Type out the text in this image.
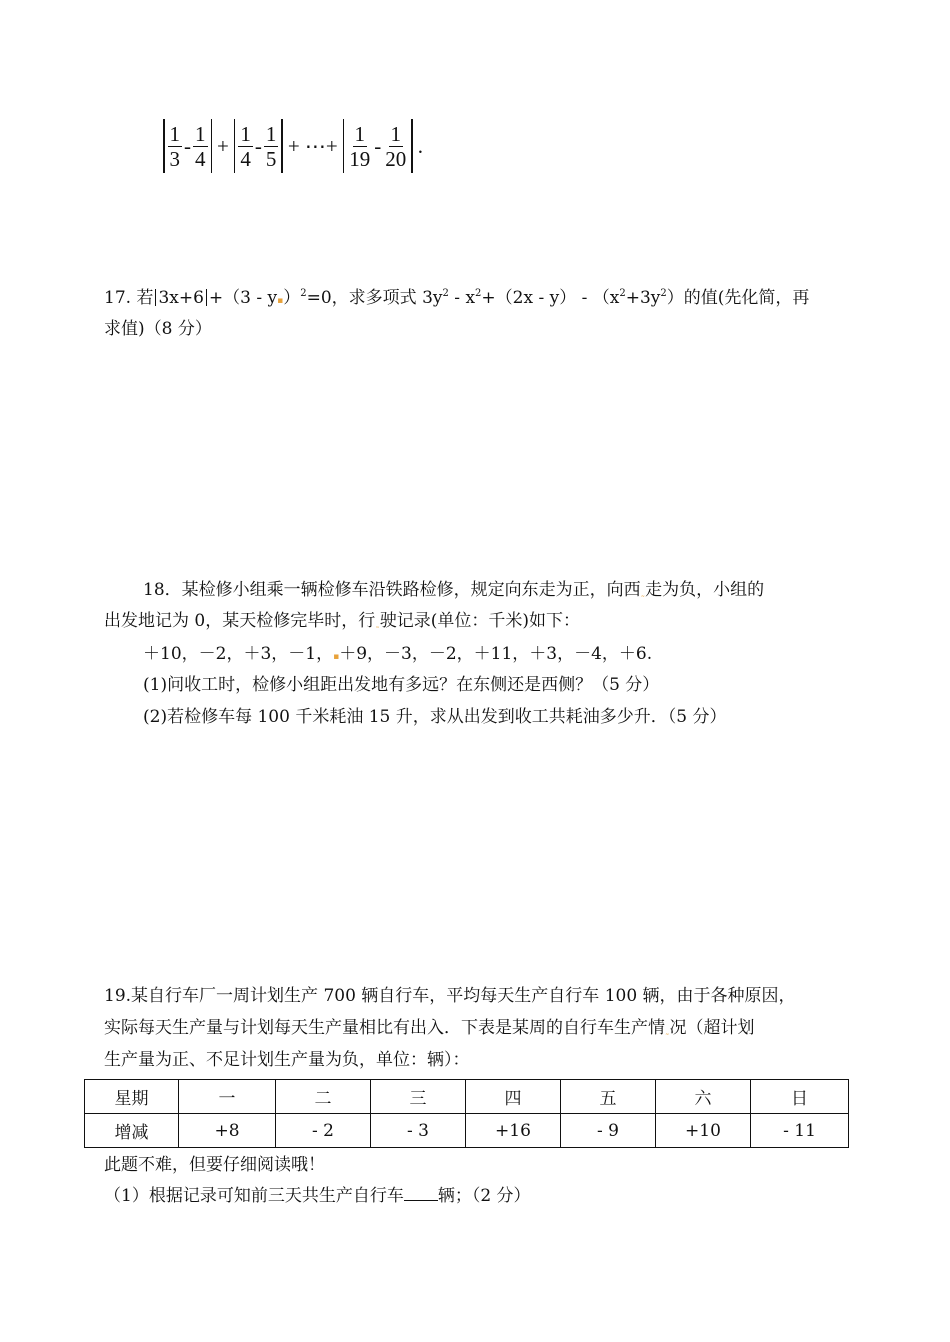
$\frac{1}{3} - \frac{1}{4} + \frac{1}{4} - \frac{1}{5}$ + ⋯+ $\frac{1}{19} - \frac{1}{20}$ .
17. 若 3x+6 +（3 - y▪）$^2$=0，求多项式 $3y^2 - x^2+(2x - y) - (x^2+3y^2)$的值(先化简，再
求值)（8 分）
18．某检修小组乘一辆检修车沿铁路检修，规定向东走为正，向西˷走为负，小组的
出发地记为 0，某天检修完毕时，行˷驶记录(单位：千米)如下：
＋10，－2，＋3，－1，▪＋9，－3，－2，＋11，＋3，－4，＋6.
(1)问收工时，检修小组距出发地有多远？在东侧还是西侧？（5 分）
(2)若检修车每 100 千米耗油 15 升，求从出发到收工共耗油多少升．（5 分）
19.某自行车厂一周计划生产 700 辆自行车，平均每天生产自行车 100 辆，由于各种原因，
实际每天生产量与计划每天生产量相比有出入．下表是某周的自行车生产情˷况（超计划
生产量为正、不足计划生产量为负，单位：辆）：
星期	一	二	三	四	五	六	日
增减	+8	- 2	- 3	+16	- 9	+10	- 11
此题不难，但要仔细阅读哦！
（1）根据记录可知前三天共生产自行车 辆；（2 分）
